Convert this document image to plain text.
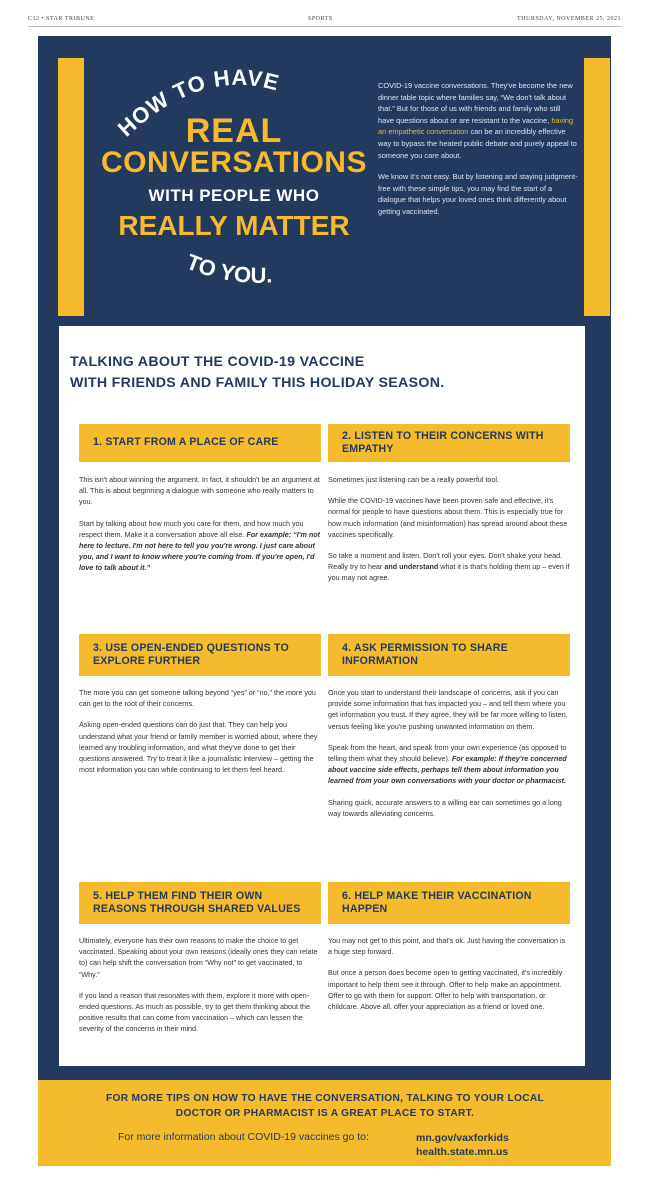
C12 • STAR TRIBUNE	SPORTS	THURSDAY, NOVEMBER 25, 2021
HOW TO HAVE
REAL
CONVERSATIONS
WITH PEOPLE WHO
REALLY MATTER
TO YOU.

COVID-19 vaccine conversations. They've become the new dinner table topic where families say, “We don't talk about that.” But for those of us with friends and family who still have questions about or are resistant to the vaccine, having an empathetic conversation can be an incredibly effective way to bypass the heated public debate and purely appeal to someone you care about.

We know it's not easy. But by listening and staying judgment-free with these simple tips, you may find the start of a dialogue that helps your loved ones think differently about getting vaccinated.

TALKING ABOUT THE COVID-19 VACCINE
WITH FRIENDS AND FAMILY THIS HOLIDAY SEASON.
1. START FROM A PLACE OF CARE

This isn't about winning the argument. In fact, it shouldn't be an argument at all. This is about beginning a dialogue with someone who really matters to you.

Start by talking about how much you care for them, and how much you respect them. Make it a conversation above all else. For example: “I'm not here to lecture. I'm not here to tell you you're wrong. I just care about you, and I want to know where you're coming from. If you're open, I'd love to talk about it.”

2. LISTEN TO THEIR CONCERNS WITH EMPATHY

Sometimes just listening can be a really powerful tool.

While the COVID-19 vaccines have been proven safe and effective, it's normal for people to have questions about them. This is especially true for how much information (and misinformation) has spread around about these vaccines specifically.

So take a moment and listen. Don't roll your eyes. Don't shake your head. Really try to hear and understand what it is that's holding them up – even if you may not agree.

3. USE OPEN-ENDED QUESTIONS TO EXPLORE FURTHER

The more you can get someone talking beyond “yes” or “no,” the more you can get to the root of their concerns.

Asking open-ended questions can do just that. They can help you understand what your friend or family member is worried about, where they learned any troubling information, and what they've done to get their questions answered. Try to treat it like a journalistic interview – getting the most information you can while continuing to let them feel heard.

4. ASK PERMISSION TO SHARE INFORMATION

Once you start to understand their landscape of concerns, ask if you can provide some information that has impacted you – and tell them where you get information you trust. If they agree, they will be far more willing to listen, versus feeling like you're pushing unwanted information on them.

Speak from the heart, and speak from your own experience (as opposed to telling them what they should believe). For example: If they're concerned about vaccine side effects, perhaps tell them about information you learned from your own conversations with your doctor or pharmacist.

Sharing quick, accurate answers to a willing ear can sometimes go a long way towards alleviating concerns.

5. HELP THEM FIND THEIR OWN REASONS THROUGH SHARED VALUES

Ultimately, everyone has their own reasons to make the choice to get vaccinated. Speaking about your own reasons (ideally ones they can relate to) can help shift the conversation from “Why not” to get vaccinated, to “Why.”

If you land a reason that resonates with them, explore it more with open-ended questions. As much as possible, try to get them thinking about the positive results that can come from vaccination – which can lessen the severity of the concerns in their mind.

6. HELP MAKE THEIR VACCINATION HAPPEN

You may not get to this point, and that's ok. Just having the conversation is a huge step forward.

But once a person does become open to getting vaccinated, it's incredibly important to help them see it through. Offer to help make an appointment. Offer to go with them for support. Offer to help with transportation, or childcare. Above all, offer your appreciation as a friend or loved one.

FOR MORE TIPS ON HOW TO HAVE THE CONVERSATION, TALKING TO YOUR LOCAL
DOCTOR OR PHARMACIST IS A GREAT PLACE TO START.
For more information about COVID-19 vaccines go to:	mn.gov/vaxforkids
health.state.mn.us
